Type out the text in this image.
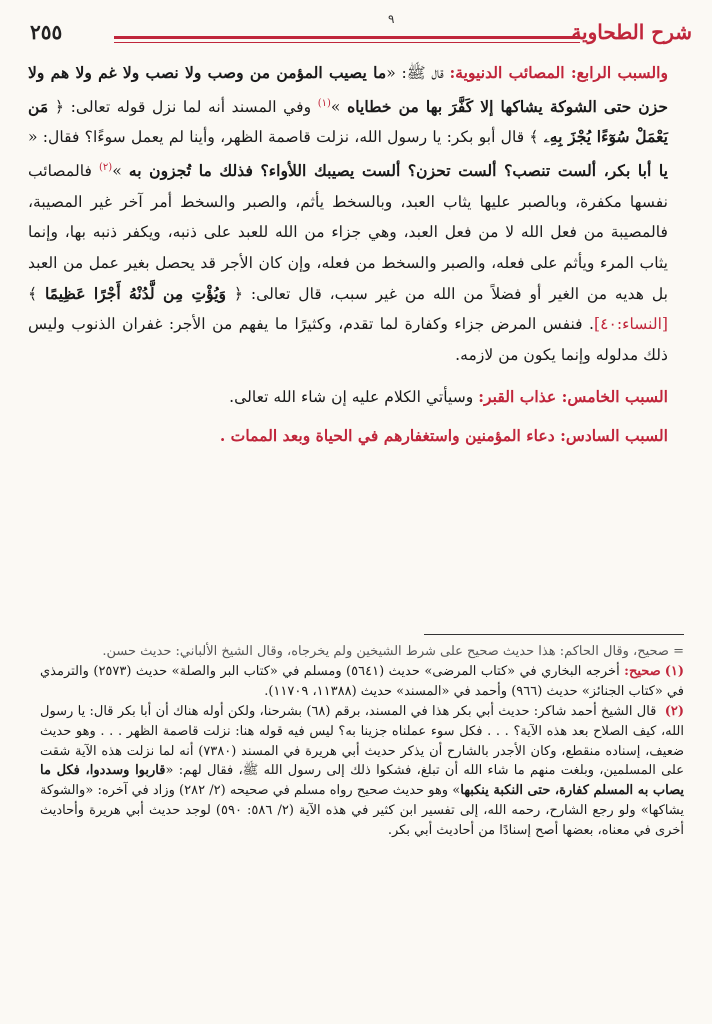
شرح الطحاوية
٩
٢٥٥

والسبب الرابع: المصائب الدنيوية: قال ﷺ: «ما يصيب المؤمن من وصب ولا نصب ولا غم ولا هم ولا حزن حتى الشوكة يشاكها إلا كَفَّرَ بها من خطاياه »$^{(١)}$ وفي المسند أنه لما نزل قوله تعالى: ﴿ مَن يَعْمَلْ سُوٓءًا يُجْزَ بِهِۦ ﴾ قال أبو بكر: يا رسول الله، نزلت قاصمة الظهر، وأينا لم يعمل سوءًا؟ فقال: « يا أبا بكر، ألست تنصب؟ ألست تحزن؟ ألست يصيبك اللأواء؟ فذلك ما تُجزون به »$^{(٢)}$ فالمصائب نفسها مكفرة، وبالصبر عليها يثاب العبد، وبالسخط يأثم، والصبر والسخط أمر آخر غير المصيبة، فالمصيبة من فعل الله لا من فعل العبد، وهي جزاء من الله للعبد على ذنبه، ويكفر ذنبه بها، وإنما يثاب المرء ويأثم على فعله، والصبر والسخط من فعله، وإن كان الأجر قد يحصل بغير عمل من العبد بل هديه من الغير أو فضلاً من الله من غير سبب، قال تعالى: ﴿ وَيُؤْتِ مِن لَّدُنْهُ أَجْرًا عَظِيمًا ﴾ [النساء:٤٠]. فنفس المرض جزاء وكفارة لما تقدم، وكثيرًا ما يفهم من الأجر: غفران الذنوب وليس ذلك مدلوله وإنما يكون من لازمه.

السبب الخامس: عذاب القبر: وسيأتي الكلام عليه إن شاء الله تعالى.

السبب السادس: دعاء المؤمنين واستغفارهم في الحياة وبعد الممات .

= صحيح، وقال الحاكم: هذا حديث صحيح على شرط الشيخين ولم يخرجاه، وقال الشيخ الألباني: حديث حسن.

(١)صحيح: أخرجه البخاري في «كتاب المرضى» حديث (٥٦٤١) ومسلم في «كتاب البر والصلة» حديث (٢٥٧٣) والترمذي في «كتاب الجنائز» حديث (٩٦٦) وأحمد في «المسند» حديث (١١٣٨٨، ١١٧٠٩).

(٢) قال الشيخ أحمد شاكر: حديث أبي بكر هذا في المسند، برقم (٦٨) بشرحنا، ولكن أوله هناك أن أبا بكر قال: يا رسول الله، كيف الصلاح بعد هذه الآية؟ . . . فكل سوء عملناه جزينا به؟ ليس فيه قوله هنا: نزلت قاصمة الظهر . . . وهو حديث ضعيف، إسناده منقطع، وكان الأجدر بالشارح أن يذكر حديث أبي هريرة في المسند (٧٣٨٠) أنه لما نزلت هذه الآية شقت على المسلمين، وبلغت منهم ما شاء الله أن تبلغ، فشكوا ذلك إلى رسول الله ﷺ، فقال لهم: «قاربوا وسددوا، فكل ما يصاب به المسلم كفارة، حتى النكبة ينكبها» وهو حديث صحيح رواه مسلم في صحيحه (٢/ ٢٨٢) وزاد في آخره: «والشوكة يشاكها» ولو رجع الشارح، رحمه الله، إلى تفسير ابن كثير في هذه الآية (٢/ ٥٨٦: ٥٩٠) لوجد حديث أبي هريرة وأحاديث أخرى في معناه، بعضها أصح إسنادًا من أحاديث أبي بكر.
